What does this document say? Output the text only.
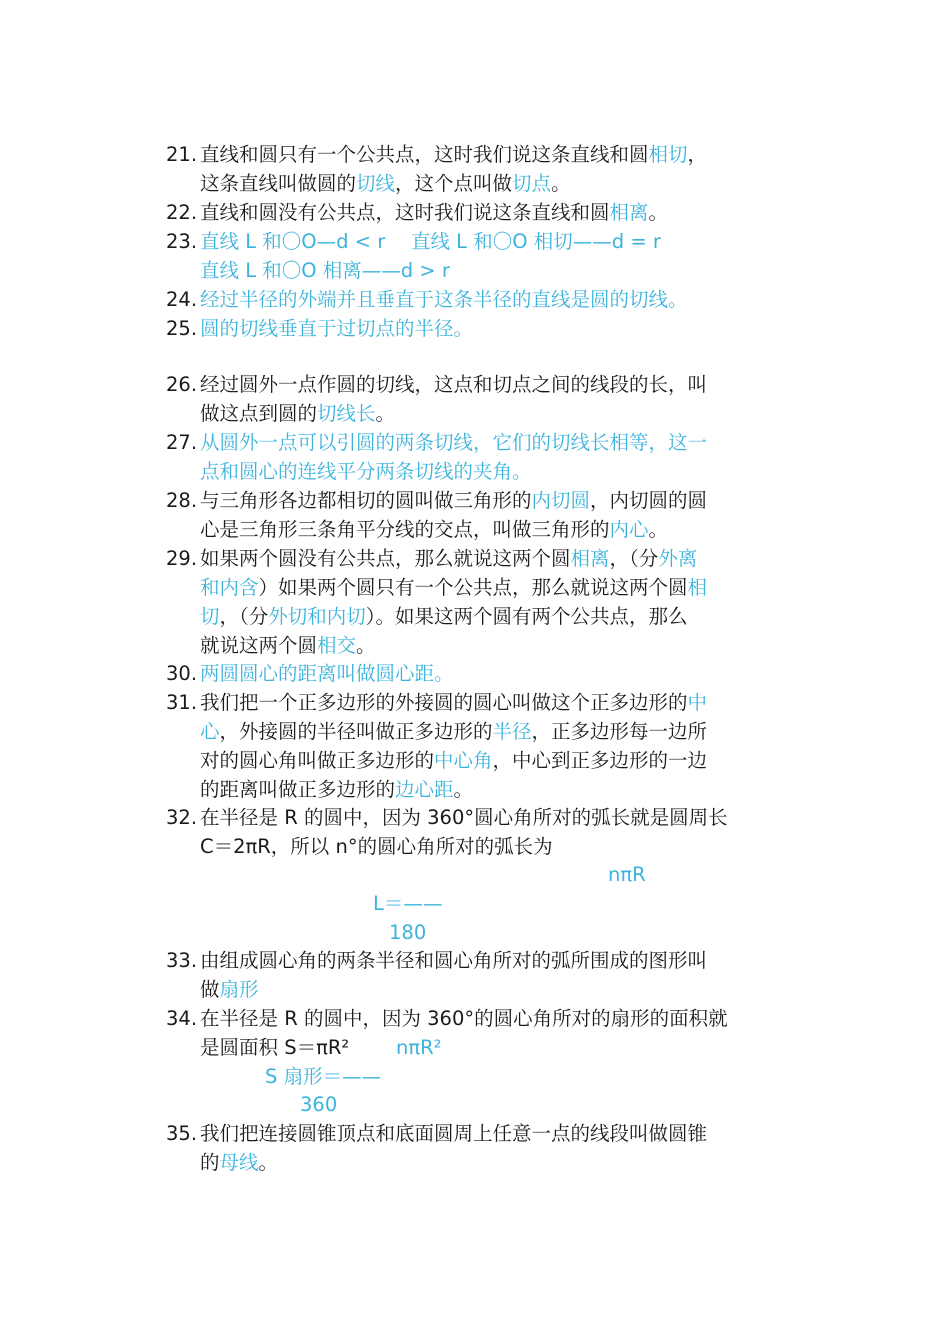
21. 直线和圆只有一个公共点，这时我们说这条直线和圆相切，
这条直线叫做圆的切线，这个点叫做切点。
22. 直线和圆没有公共点，这时我们说这条直线和圆相离。
23. 直线 L 和〇O—d < r　 直线 L 和〇O 相切——d = r
直线 L 和〇O 相离——d > r
24. 经过半径的外端并且垂直于这条半径的直线是圆的切线。
25. 圆的切线垂直于过切点的半径。
26. 经过圆外一点作圆的切线，这点和切点之间的线段的长，叫
做这点到圆的切线长。
27. 从圆外一点可以引圆的两条切线，它们的切线长相等，这一
点和圆心的连线平分两条切线的夹角。
28. 与三角形各边都相切的圆叫做三角形的内切圆，内切圆的圆
心是三角形三条角平分线的交点，叫做三角形的内心。
29. 如果两个圆没有公共点，那么就说这两个圆相离，（分外离
和内含）如果两个圆只有一个公共点，那么就说这两个圆相
切，（分外切和内切）。如果这两个圆有两个公共点，那么
就说这两个圆相交。
30. 两圆圆心的距离叫做圆心距。
31. 我们把一个正多边形的外接圆的圆心叫做这个正多边形的中
心，外接圆的半径叫做正多边形的半径，正多边形每一边所
对的圆心角叫做正多边形的中心角，中心到正多边形的一边
的距离叫做正多边形的边心距。
32. 在半径是 R 的圆中，因为 360°圆心角所对的弧长就是圆周长
C＝2πR，所以 n°的圆心角所对的弧长为
nπR
L＝——
180
33. 由组成圆心角的两条半径和圆心角所对的弧所围成的图形叫
做扇形
34. 在半径是 R 的圆中，因为 360°的圆心角所对的扇形的面积就
是圆面积 S＝πR²	nπR²
S 扇形＝——
360
35. 我们把连接圆锥顶点和底面圆周上任意一点的线段叫做圆锥
的母线。
